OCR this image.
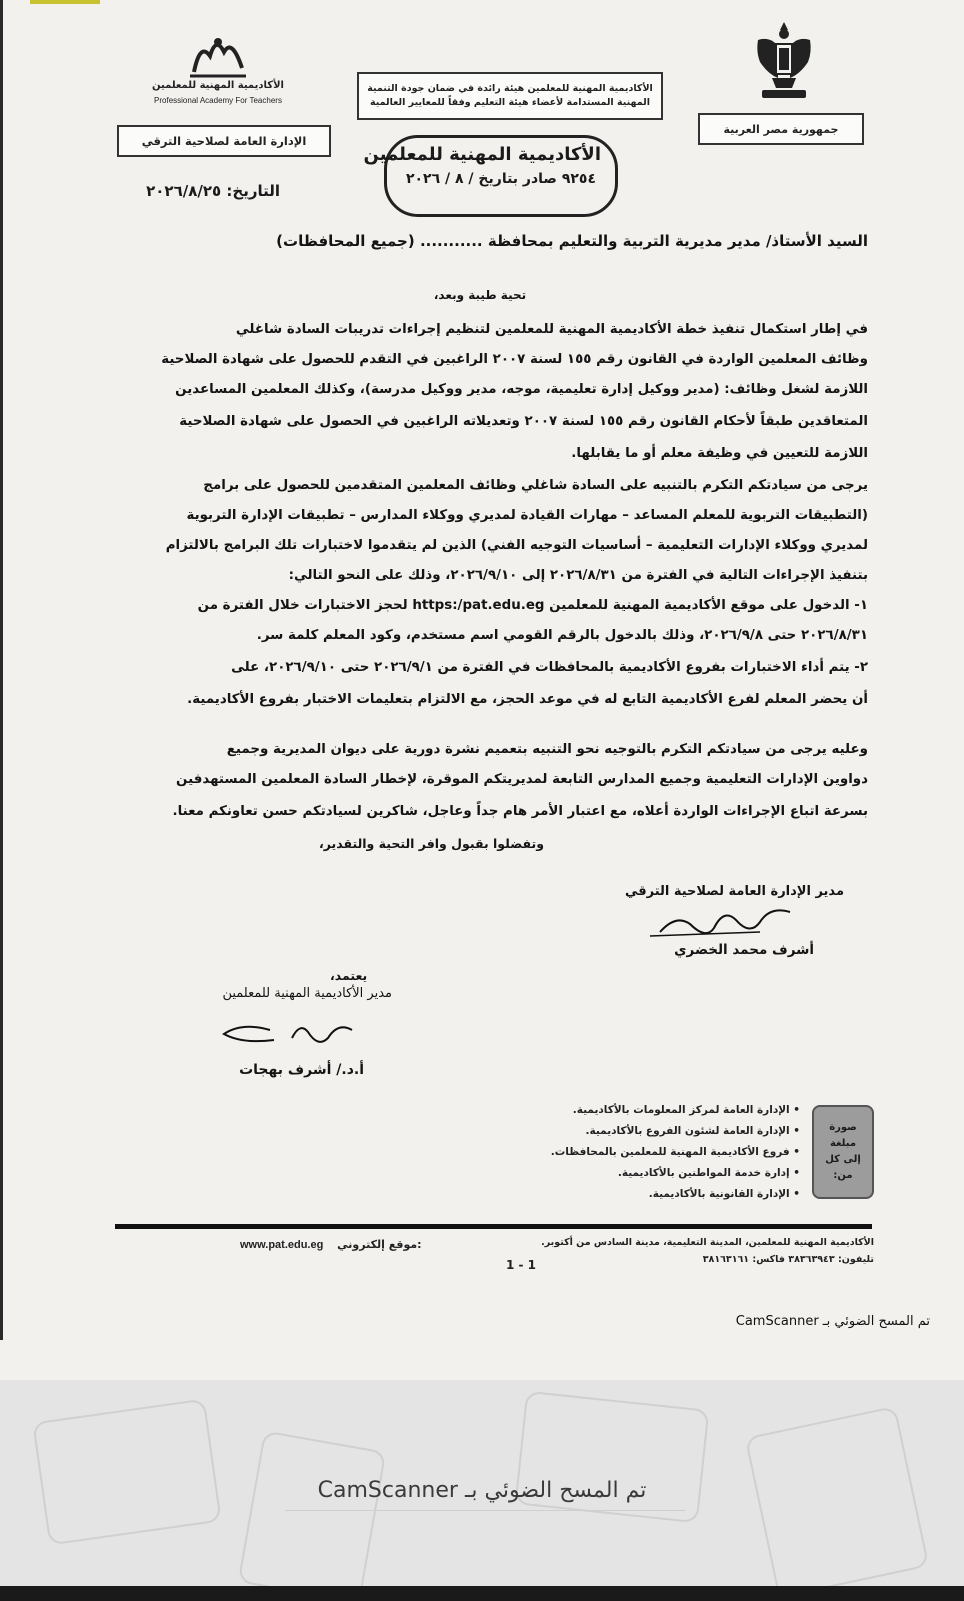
جمهورية مصر العربية
الأكاديمية المهنية للمعلمين هيئة رائدة في ضمان جودة التنمية المهنية المستدامة لأعضاء هيئة التعليم وفقاً للمعايير العالمية
الأكاديمية المهنية للمعلمين
Professional Academy For Teachers
الإدارة العامة لصلاحية الترقي
التاريخ: ٢٠٢٦/٨/٢٥
الأكاديمية المهنية للمعلمين
٩٢٥٤ صادر بتاريخ / ٨ / ٢٠٢٦
السيد الأستاذ/ مدير مديرية التربية والتعليم بمحافظة ........... (جميع المحافظات)
تحية طيبة وبعد،
في إطار استكمال تنفيذ خطة الأكاديمية المهنية للمعلمين لتنظيم إجراءات تدريبات السادة شاغلي
وظائف المعلمين الواردة في القانون رقم ١٥٥ لسنة ٢٠٠٧ الراغبين في التقدم للحصول على شهادة الصلاحية
اللازمة لشغل وظائف: (مدير ووكيل إدارة تعليمية، موجه، مدير ووكيل مدرسة)، وكذلك المعلمين المساعدين
المتعاقدين طبقاً لأحكام القانون رقم ١٥٥ لسنة ٢٠٠٧ وتعديلاته الراغبين في الحصول على شهادة الصلاحية
اللازمة للتعيين في وظيفة معلم أو ما يقابلها.
يرجى من سيادتكم التكرم بالتنبيه على السادة شاغلي وظائف المعلمين المتقدمين للحصول على برامج
(التطبيقات التربوية للمعلم المساعد – مهارات القيادة لمديري ووكلاء المدارس – تطبيقات الإدارة التربوية
لمديري ووكلاء الإدارات التعليمية – أساسيات التوجيه الفني) الذين لم يتقدموا لاختبارات تلك البرامج بالالتزام
بتنفيذ الإجراءات التالية في الفترة من ٢٠٢٦/٨/٣١ إلى ٢٠٢٦/٩/١٠، وذلك على النحو التالي:
١- الدخول على موقع الأكاديمية المهنية للمعلمين https:/pat.edu.eg لحجز الاختبارات خلال الفترة من
٢٠٢٦/٨/٣١ حتى ٢٠٢٦/٩/٨، وذلك بالدخول بالرقم القومي اسم مستخدم، وكود المعلم كلمة سر.
٢- يتم أداء الاختبارات بفروع الأكاديمية بالمحافظات في الفترة من ٢٠٢٦/٩/١ حتى ٢٠٢٦/٩/١٠، على
أن يحضر المعلم لفرع الأكاديمية التابع له في موعد الحجز، مع الالتزام بتعليمات الاختبار بفروع الأكاديمية.
وعليه يرجى من سيادتكم التكرم بالتوجيه نحو التنبيه بتعميم نشرة دورية على ديوان المديرية وجميع
دواوين الإدارات التعليمية وجميع المدارس التابعة لمديريتكم الموقرة، لإخطار السادة المعلمين المستهدفين
بسرعة اتباع الإجراءات الواردة أعلاه، مع اعتبار الأمر هام جداً وعاجل، شاكرين لسيادتكم حسن تعاونكم معنا.
وتفضلوا بقبول وافر التحية والتقدير،
مدير الإدارة العامة لصلاحية الترقي
أشرف محمد الخضري
يعتمد،
مدير الأكاديمية المهنية للمعلمين
أ.د./ أشرف بهجات
صورة مبلغة إلى كل من:
• الإدارة العامة لمركز المعلومات بالأكاديمية.
• الإدارة العامة لشئون الفروع بالأكاديمية.
• فروع الأكاديمية المهنية للمعلمين بالمحافظات.
• إدارة خدمة المواطنين بالأكاديمية.
• الإدارة القانونية بالأكاديمية.
الأكاديمية المهنية للمعلمين، المدينة التعليمية، مدينة السادس من أكتوبر.
تليفون: ٣٨٣٦٣٩٤٣ فاكس: ٣٨١٦٣١٦١
www.pat.edu.eg موقع إلكتروني:
1 - 1
تم المسح الضوئي بـ CamScanner
تم المسح الضوئي بـ CamScanner
